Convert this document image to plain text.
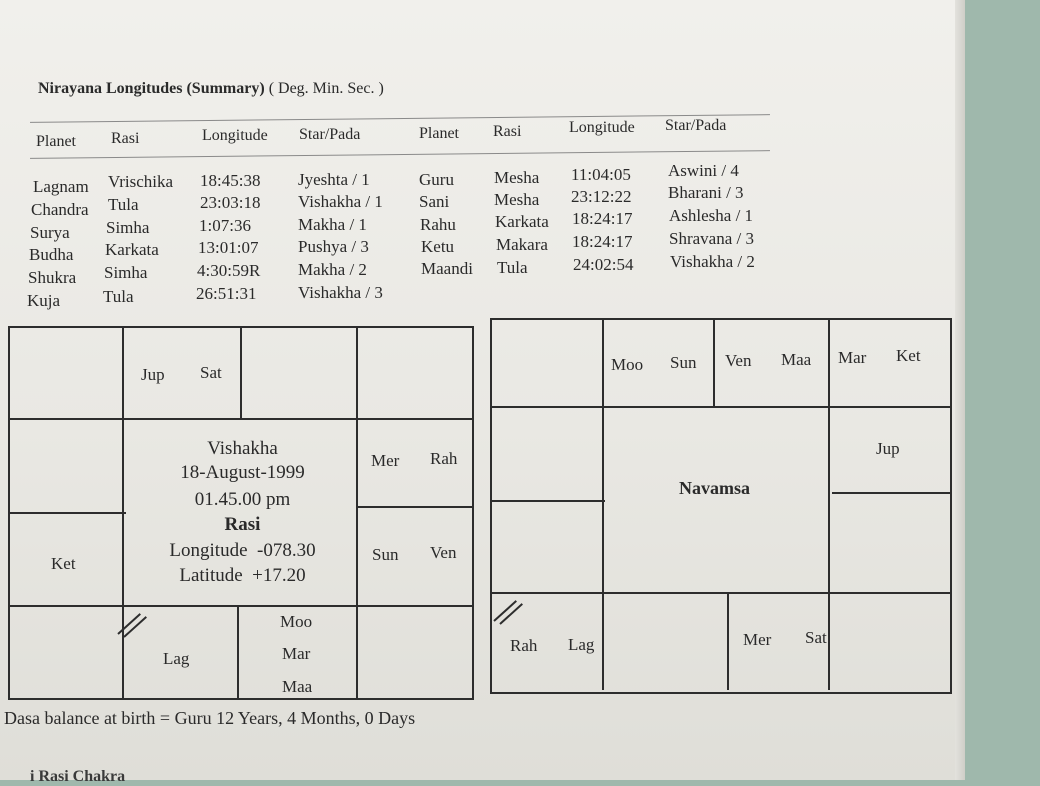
Nirayana Longitudes (Summary) ( Deg. Min. Sec. )
Planet Rasi	Longitude Star/Pada	Planet Rasi	Longitude Star/Pada
Lagnam Vrischika 18:45:38 Jyeshta / 1
Chandra Tula	23:03:18 Vishakha / 1
Surya Simha	1:07:36	Makha / 1
Budha Karkata 13:01:07 Pushya / 3
Shukra Simha	4:30:59R Makha / 2
Kuja	Tula	26:51:31 Vishakha / 3
Guru Mesha 11:04:05 Aswini / 4
Sani	Mesha 23:12:22 Bharani / 3
Rahu Karkata 18:24:17 Ashlesha / 1
Ketu Makara 18:24:17 Shravana / 3
Maandi Tula	24:02:54 Vishakha / 2
Jup Sat
Mer Rah
Ket	Sun Ven
Lag
Moo
Mar
Maa
Vishakha
18-August-1999
01.45.00 pm
Rasi
Longitude  -078.30
Latitude  +17.20
Moo Sun Ven Maa Mar Ket
Jup
Navamsa
Rah Lag	Mer Sat
Dasa balance at birth = Guru 12 Years, 4 Months, 0 Days
i Rasi Chakra
